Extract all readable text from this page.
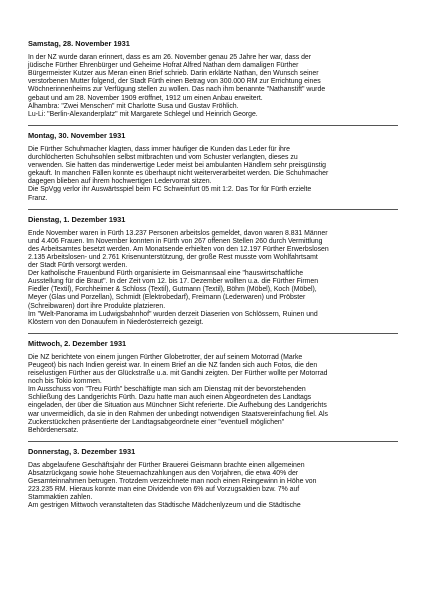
Samstag, 28. November 1931

In der NZ wurde daran erinnert, dass es am 26. November genau 25 Jahre her war, dass der
jüdische Fürther Ehrenbürger und Geheime Hofrat Alfred Nathan dem damaligen Fürther
Bürgermeister Kutzer aus Meran einen Brief schrieb. Darin erklärte Nathan, den Wunsch seiner
verstorbenen Mutter folgend, der Stadt Fürth einen Betrag von 300.000 RM zur Errichtung eines
Wöchnerinnenheims zur Verfügung stellen zu wollen. Das nach ihm benannte "Nathanstift" wurde
gebaut und am 28. November 1909 eröffnet, 1912 um einen Anbau erweitert.

Alhambra: "Zwei Menschen" mit Charlotte Susa und Gustav Fröhlich.

Lu-Li: "Berlin-Alexanderplatz" mit Margarete Schlegel und Heinrich George.

Montag, 30. November 1931

Die Fürther Schuhmacher klagten, dass immer häufiger die Kunden das Leder für ihre
durchlöcherten Schuhsohlen selbst mitbrachten und vom Schuster verlangten, dieses zu
verwenden. Sie hatten das minderwertige Leder meist bei ambulanten Händlern sehr preisgünstig
gekauft. In manchen Fällen konnte es überhaupt nicht weiterverarbeitet werden. Die Schuhmacher
dagegen blieben auf ihrem hochwertigen Ledervorrat sitzen.

Die SpVgg verlor ihr Auswärtsspiel beim FC Schweinfurt 05 mit 1:2. Das Tor für Fürth erzielte
Franz.

Dienstag, 1. Dezember 1931

Ende November waren in Fürth 13.237 Personen arbeitslos gemeldet, davon waren 8.831 Männer
und 4.406 Frauen. Im November konnten in Fürth von 267 offenen Stellen 260 durch Vermittlung
des Arbeitsamtes besetzt werden. Am Monatsende erhielten von den 12.197 Fürther Erwerbslosen
2.135 Arbeitslosen- und 2.761 Krisenunterstützung, der große Rest musste vom Wohlfahrtsamt
der Stadt Fürth versorgt werden.

Der katholische Frauenbund Fürth organisierte im Geismannsaal eine "hauswirtschaftliche
Ausstellung für die Braut". In der Zeit vom 12. bis 17. Dezember wollten u.a. die Fürther Firmen
Fiedler (Textil), Forchheimer & Schloss (Textil), Gutmann (Textil), Böhm (Möbel), Koch (Möbel),
Meyer (Glas und Porzellan), Schmidt (Elektrobedarf), Freimann (Lederwaren) und Pröbster
(Schreibwaren) dort ihre Produkte platzieren.

Im "Welt-Panorama im Ludwigsbahnhof" wurden derzeit Diaserien von Schlössern, Ruinen und
Klöstern von den Donauufern in Niederösterreich gezeigt.

Mittwoch, 2. Dezember 1931

Die NZ berichtete von einem jungen Fürther Globetrotter, der auf seinem Motorrad (Marke
Peugeot) bis nach Indien gereist war. In einem Brief an die NZ fanden sich auch Fotos, die den
reiselustigen Fürther aus der Glückstraße u.a. mit Gandhi zeigten. Der Fürther wollte per Motorrad
noch bis Tokio kommen.

Im Ausschuss von "Treu Fürth" beschäftigte man sich am Dienstag mit der bevorstehenden
Schließung des Landgerichts Fürth. Dazu hatte man auch einen Abgeordneten des Landtags
eingeladen, der über die Situation aus Münchner Sicht referierte. Die Aufhebung des Landgerichts
war unvermeidlich, da sie in den Rahmen der unbedingt notwendigen Staatsvereinfachung fiel. Als
Zuckerstückchen präsentierte der Landtagsabgeordnete einer "eventuell möglichen"
Behördenersatz.

Donnerstag, 3. Dezember 1931

Das abgelaufene Geschäftsjahr der Fürther Brauerei Geismann brachte einen allgemeinen
Absatzrückgang sowie hohe Steuernachzahlungen aus den Vorjahren, die etwa 40% der
Gesamteinnahmen betrugen. Trotzdem verzeichnete man noch einen Reingewinn in Höhe von
223.235 RM. Hieraus konnte man eine Dividende von 6% auf Vorzugsaktien bzw. 7% auf
Stammaktien zahlen.

Am gestrigen Mittwoch veranstalteten das Städtische Mädchenlyzeum und die Städtische
